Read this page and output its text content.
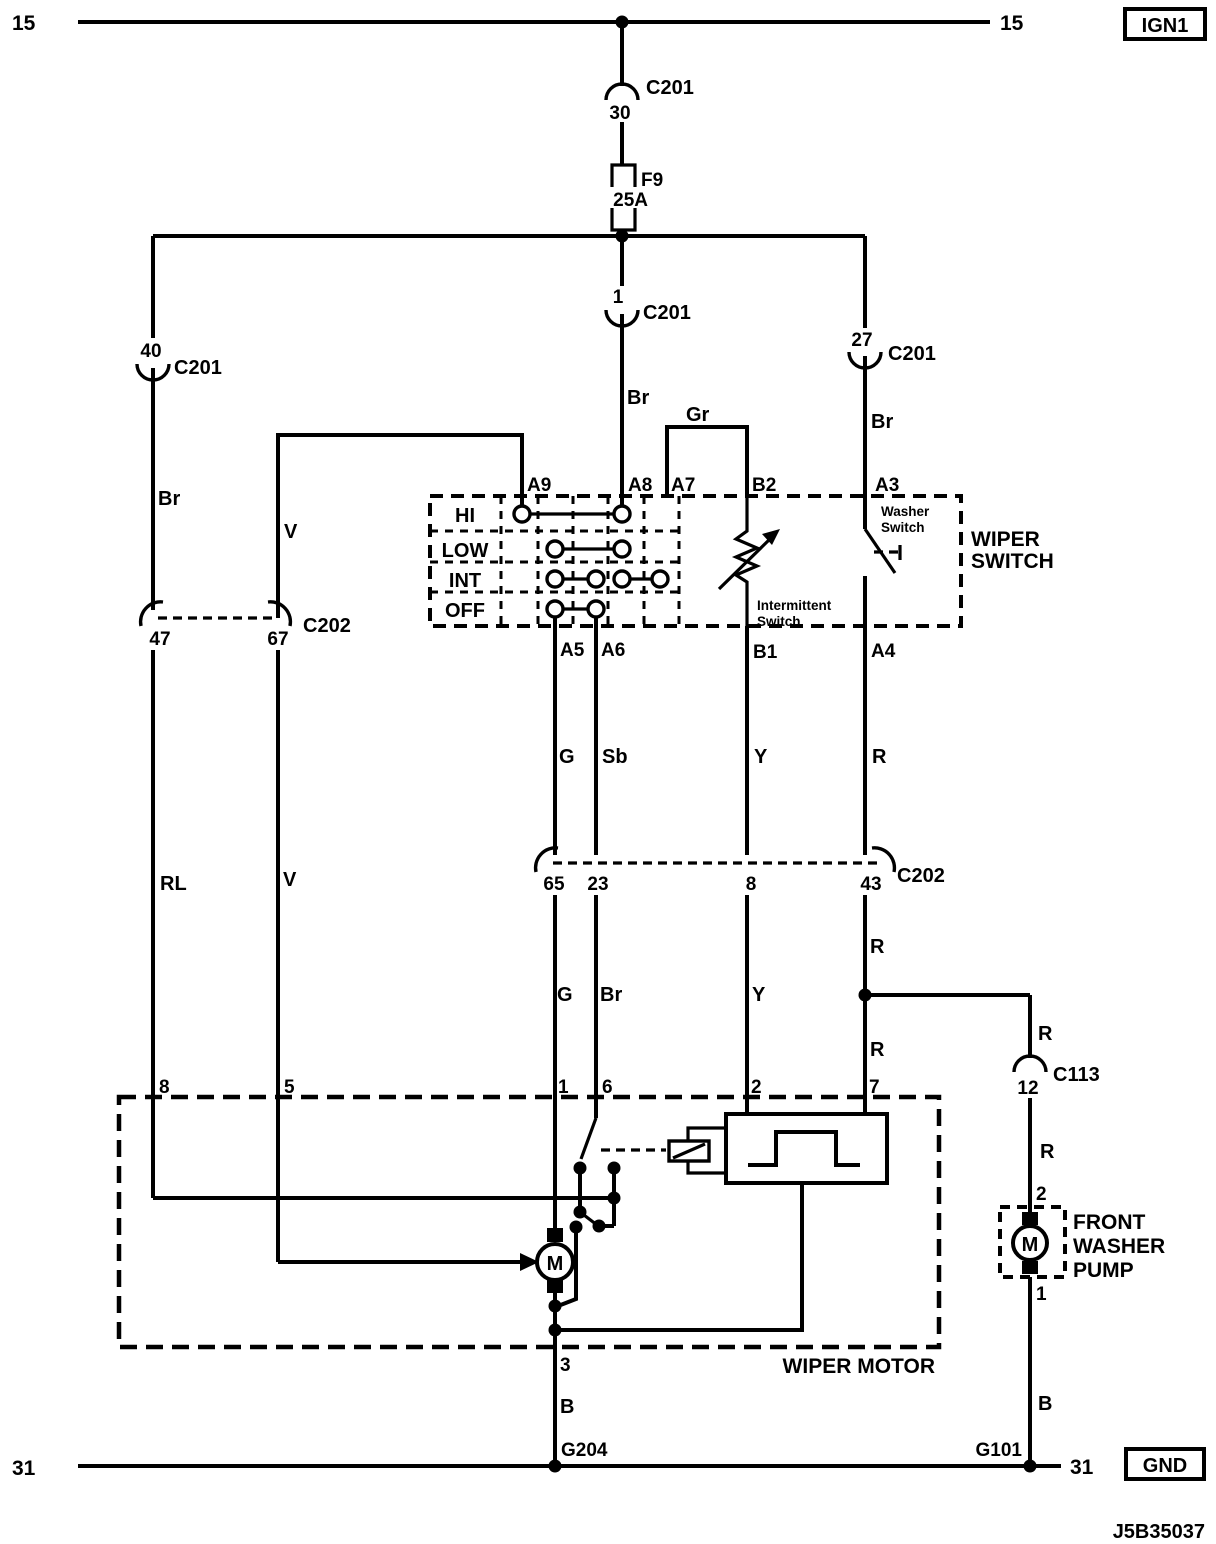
15	15	IGN1
30
C201
F9
25A
40
C201
Br
47	67
C202
RL
V
V
1
C201
Br
Gr
27
C201
Br
HI
LOW
INT
OFF	Intermittent
Switch
Washer
Switch
A9	A8 A7	B2	A3
A5 A6	B1	A4
WIPER
SWITCH
G Sb	Y	R
65 23	8	43 C202
G Br	Y
R
R
8	5	1 6	2	7
M
3
B
WIPER MOTOR
R
12
C113
R
2
M
FRONT
WASHER
PUMP
1
B
31	31
G204	G101
GND
J5B35037
